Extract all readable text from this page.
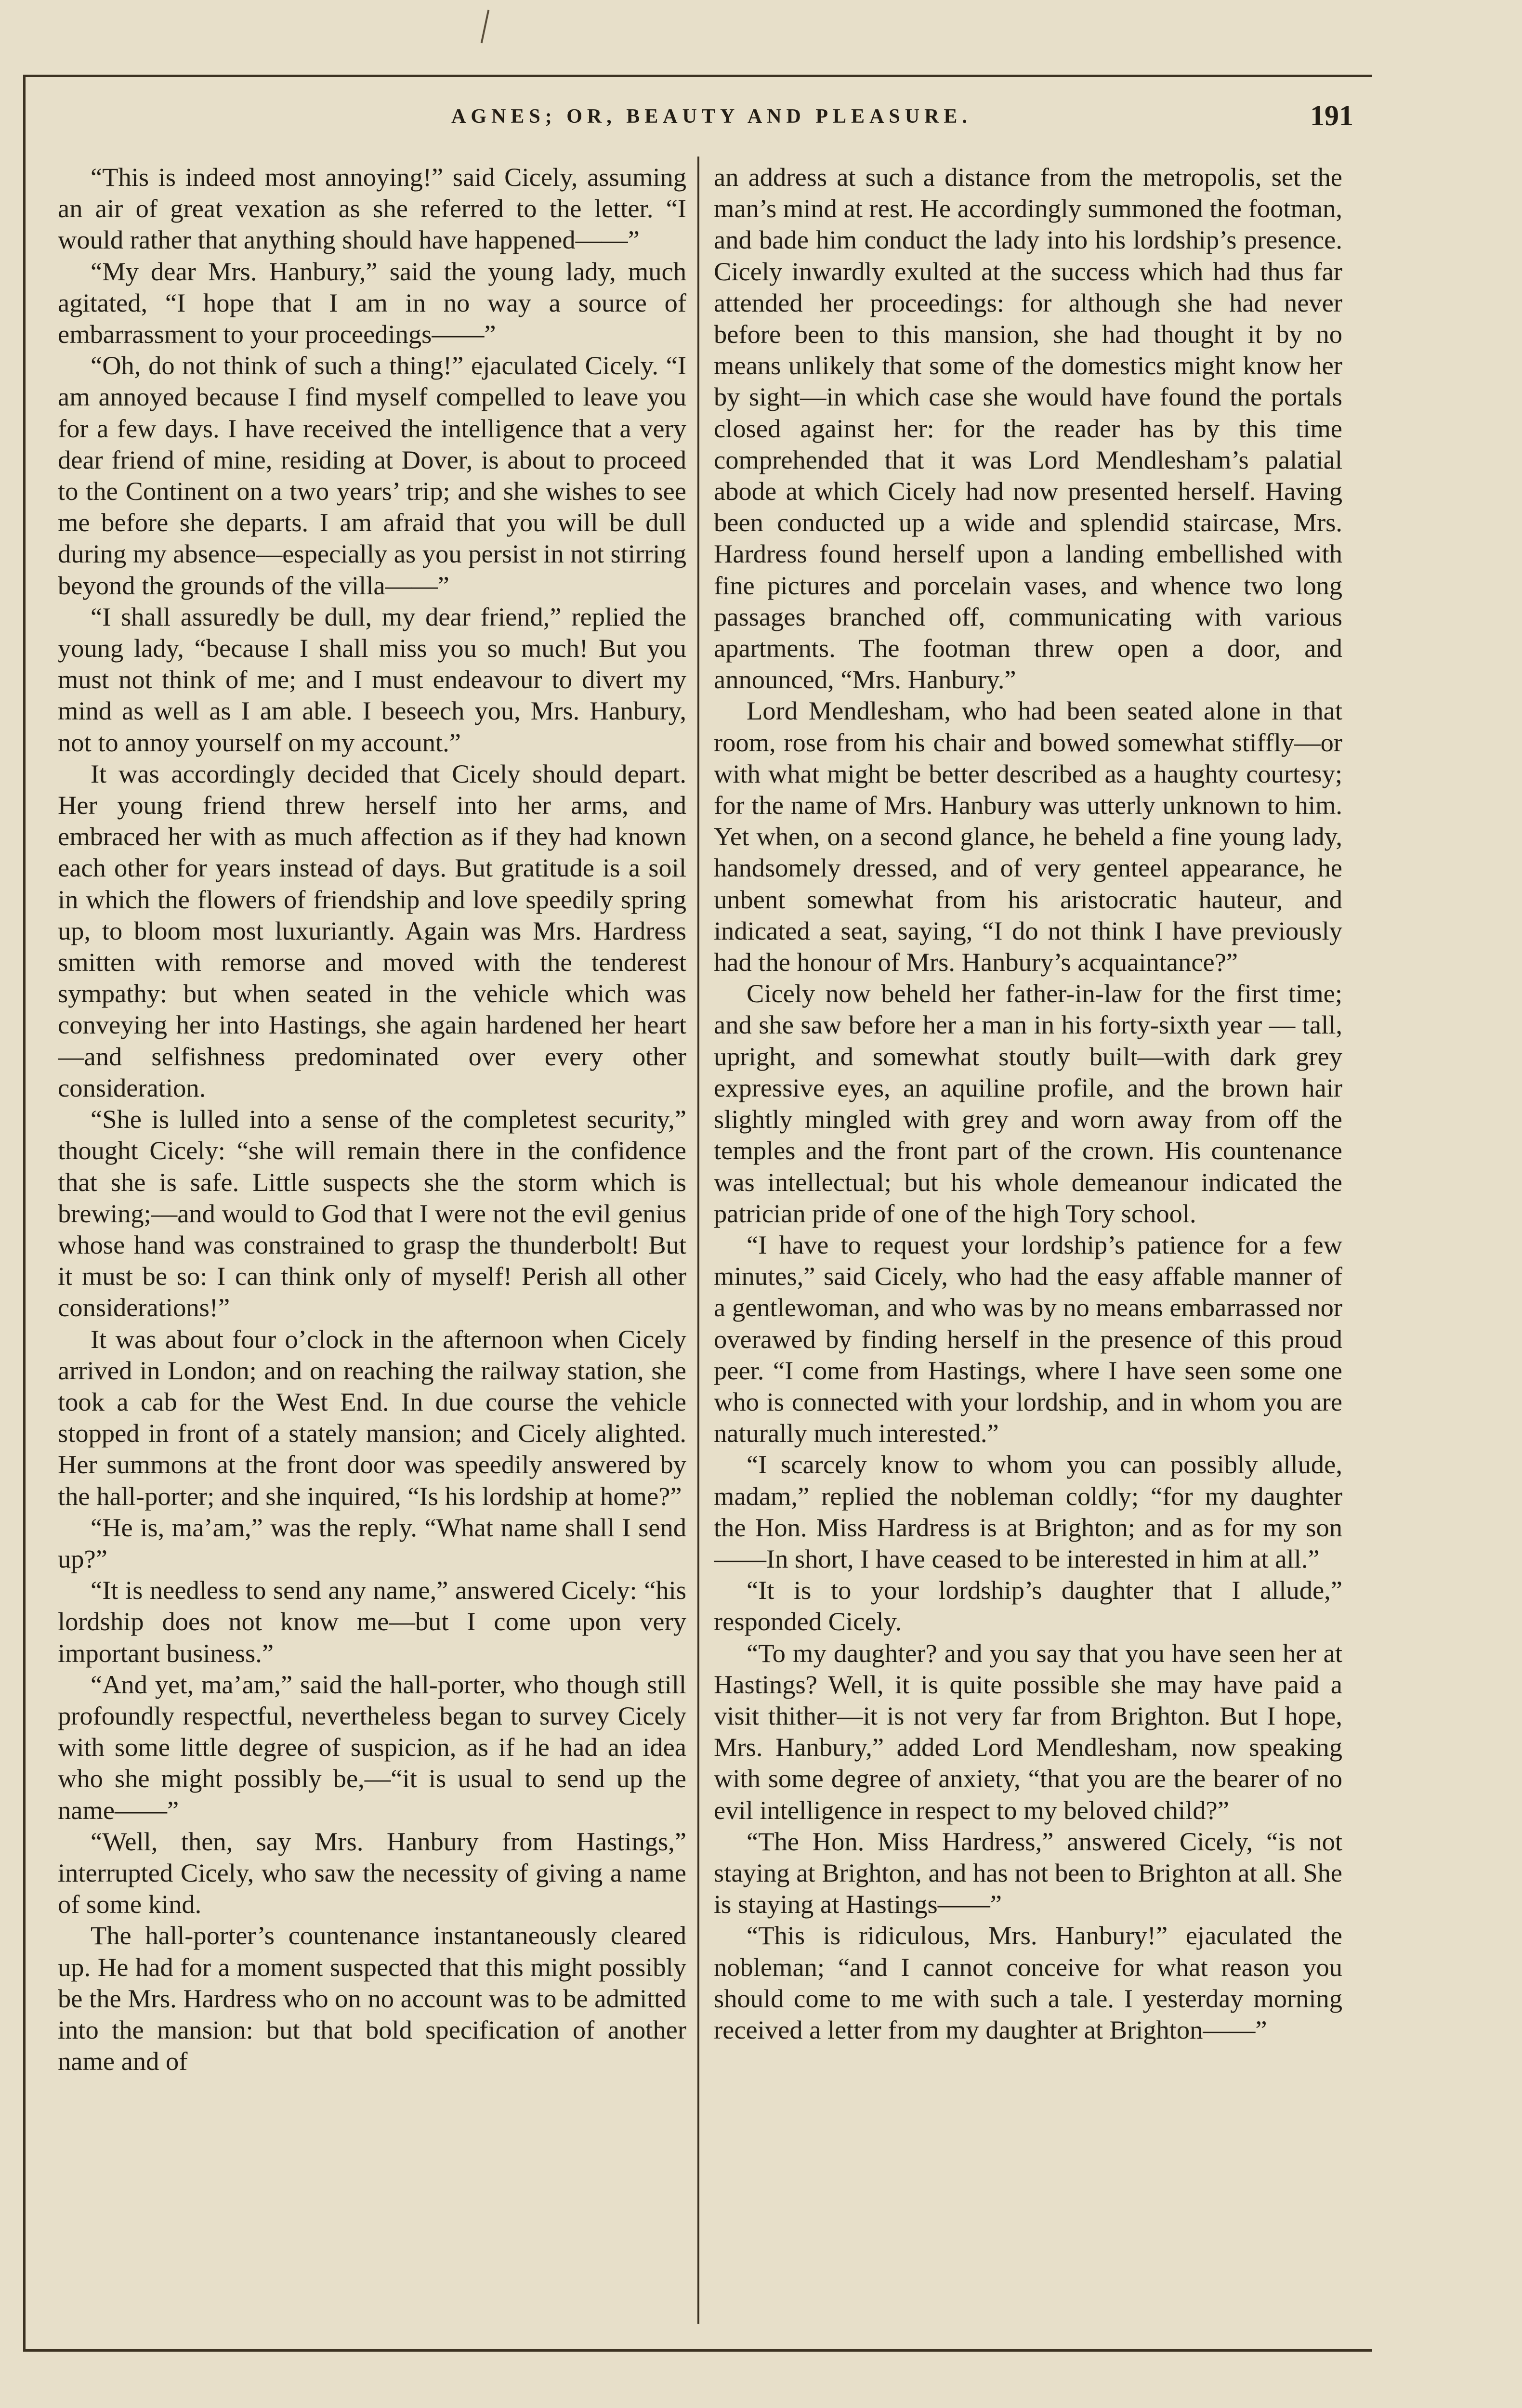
AGNES; OR, BEAUTY AND PLEASURE.	191

“This is indeed most annoying!” said Cicely, assuming an air of great vexation as she referred to the letter. “I would rather that anything should have happened——”

“My dear Mrs. Hanbury,” said the young lady, much agitated, “I hope that I am in no way a source of embarrassment to your proceedings——”

“Oh, do not think of such a thing!” ejaculated Cicely. “I am annoyed because I find myself compelled to leave you for a few days. I have received the intelligence that a very dear friend of mine, residing at Dover, is about to proceed to the Continent on a two years’ trip; and she wishes to see me before she departs. I am afraid that you will be dull during my absence—especially as you persist in not stirring beyond the grounds of the villa——”

“I shall assuredly be dull, my dear friend,” replied the young lady, “because I shall miss you so much! But you must not think of me; and I must endeavour to divert my mind as well as I am able. I beseech you, Mrs. Hanbury, not to annoy yourself on my account.”

It was accordingly decided that Cicely should depart. Her young friend threw herself into her arms, and embraced her with as much affection as if they had known each other for years instead of days. But gratitude is a soil in which the flowers of friendship and love speedily spring up, to bloom most luxuriantly. Again was Mrs. Hardress smitten with remorse and moved with the tenderest sympathy: but when seated in the vehicle which was conveying her into Hastings, she again hardened her heart—and selfishness predominated over every other consideration.

“She is lulled into a sense of the completest security,” thought Cicely: “she will remain there in the confidence that she is safe. Little suspects she the storm which is brewing;—and would to God that I were not the evil genius whose hand was constrained to grasp the thunderbolt! But it must be so: I can think only of myself! Perish all other considerations!”

It was about four o’clock in the afternoon when Cicely arrived in London; and on reaching the railway station, she took a cab for the West End. In due course the vehicle stopped in front of a stately mansion; and Cicely alighted. Her summons at the front door was speedily answered by the hall-porter; and she inquired, “Is his lordship at home?”

“He is, ma’am,” was the reply. “What name shall I send up?”

“It is needless to send any name,” answered Cicely: “his lordship does not know me—but I come upon very important business.”

“And yet, ma’am,” said the hall-porter, who though still profoundly respectful, nevertheless began to survey Cicely with some little degree of suspicion, as if he had an idea who she might possibly be,—“it is usual to send up the name——”

“Well, then, say Mrs. Hanbury from Hastings,” interrupted Cicely, who saw the necessity of giving a name of some kind.

The hall-porter’s countenance instantaneously cleared up. He had for a moment suspected that this might possibly be the Mrs. Hardress who on no account was to be admitted into the mansion: but that bold specification of another name and of

an address at such a distance from the metropolis, set the man’s mind at rest. He accordingly summoned the footman, and bade him conduct the lady into his lordship’s presence. Cicely inwardly exulted at the success which had thus far attended her proceedings: for although she had never before been to this mansion, she had thought it by no means unlikely that some of the domestics might know her by sight—in which case she would have found the portals closed against her: for the reader has by this time comprehended that it was Lord Mendlesham’s palatial abode at which Cicely had now presented herself. Having been conducted up a wide and splendid staircase, Mrs. Hardress found herself upon a landing embellished with fine pictures and porcelain vases, and whence two long passages branched off, communicating with various apartments. The footman threw open a door, and announced, “Mrs. Hanbury.”

Lord Mendlesham, who had been seated alone in that room, rose from his chair and bowed somewhat stiffly—or with what might be better described as a haughty courtesy; for the name of Mrs. Hanbury was utterly unknown to him. Yet when, on a second glance, he beheld a fine young lady, handsomely dressed, and of very genteel appearance, he unbent somewhat from his aristocratic hauteur, and indicated a seat, saying, “I do not think I have previously had the honour of Mrs. Hanbury’s acquaintance?”

Cicely now beheld her father-in-law for the first time; and she saw before her a man in his forty-sixth year — tall, upright, and somewhat stoutly built—with dark grey expressive eyes, an aquiline profile, and the brown hair slightly mingled with grey and worn away from off the temples and the front part of the crown. His countenance was intellectual; but his whole demeanour indicated the patrician pride of one of the high Tory school.

“I have to request your lordship’s patience for a few minutes,” said Cicely, who had the easy affable manner of a gentlewoman, and who was by no means embarrassed nor overawed by finding herself in the presence of this proud peer. “I come from Hastings, where I have seen some one who is connected with your lordship, and in whom you are naturally much interested.”

“I scarcely know to whom you can possibly allude, madam,” replied the nobleman coldly; “for my daughter the Hon. Miss Hardress is at Brighton; and as for my son——In short, I have ceased to be interested in him at all.”

“It is to your lordship’s daughter that I allude,” responded Cicely.

“To my daughter? and you say that you have seen her at Hastings? Well, it is quite possible she may have paid a visit thither—it is not very far from Brighton. But I hope, Mrs. Hanbury,” added Lord Mendlesham, now speaking with some degree of anxiety, “that you are the bearer of no evil intelligence in respect to my beloved child?”

“The Hon. Miss Hardress,” answered Cicely, “is not staying at Brighton, and has not been to Brighton at all. She is staying at Hastings——”

“This is ridiculous, Mrs. Hanbury!” ejaculated the nobleman; “and I cannot conceive for what reason you should come to me with such a tale. I yesterday morning received a letter from my daughter at Brighton——”
